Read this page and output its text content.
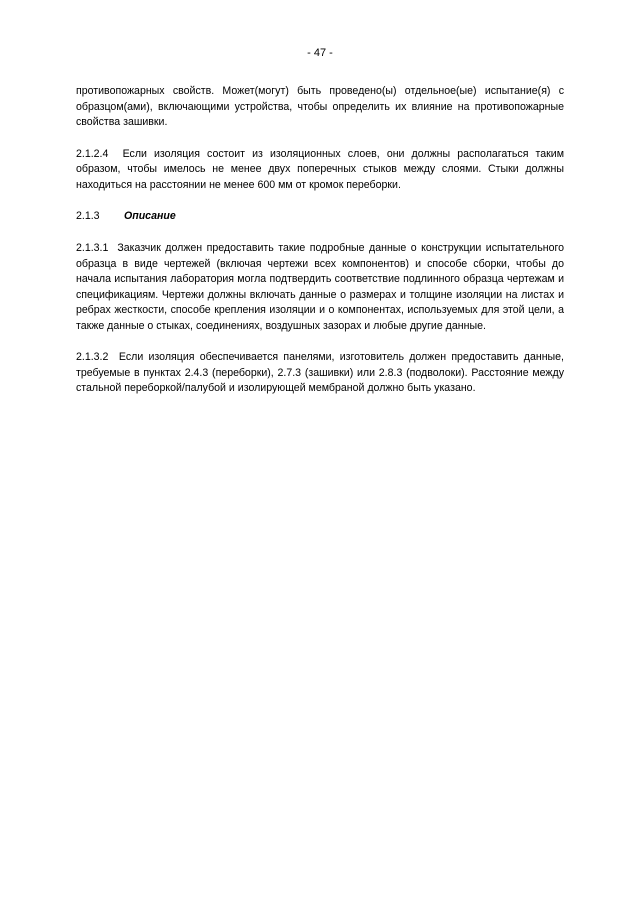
- 47 -

противопожарных свойств. Может(могут) быть проведено(ы) отдельное(ые) испытание(я) с образцом(ами), включающими устройства, чтобы определить их влияние на противопожарные свойства зашивки.

2.1.2.4 Если изоляция состоит из изоляционных слоев, они должны располагаться таким образом, чтобы имелось не менее двух поперечных стыков между слоями. Стыки должны находиться на расстоянии не менее 600 мм от кромок переборки.

2.1.3 Описание

2.1.3.1 Заказчик должен предоставить такие подробные данные о конструкции испытательного образца в виде чертежей (включая чертежи всех компонентов) и способе сборки, чтобы до начала испытания лаборатория могла подтвердить соответствие подлинного образца чертежам и спецификациям. Чертежи должны включать данные о размерах и толщине изоляции на листах и ребрах жесткости, способе крепления изоляции и о компонентах, используемых для этой цели, а также данные о стыках, соединениях, воздушных зазорах и любые другие данные.

2.1.3.2 Если изоляция обеспечивается панелями, изготовитель должен предоставить данные, требуемые в пунктах 2.4.3 (переборки), 2.7.3 (зашивки) или 2.8.3 (подволоки). Расстояние между стальной переборкой/палубой и изолирующей мембраной должно быть указано.
